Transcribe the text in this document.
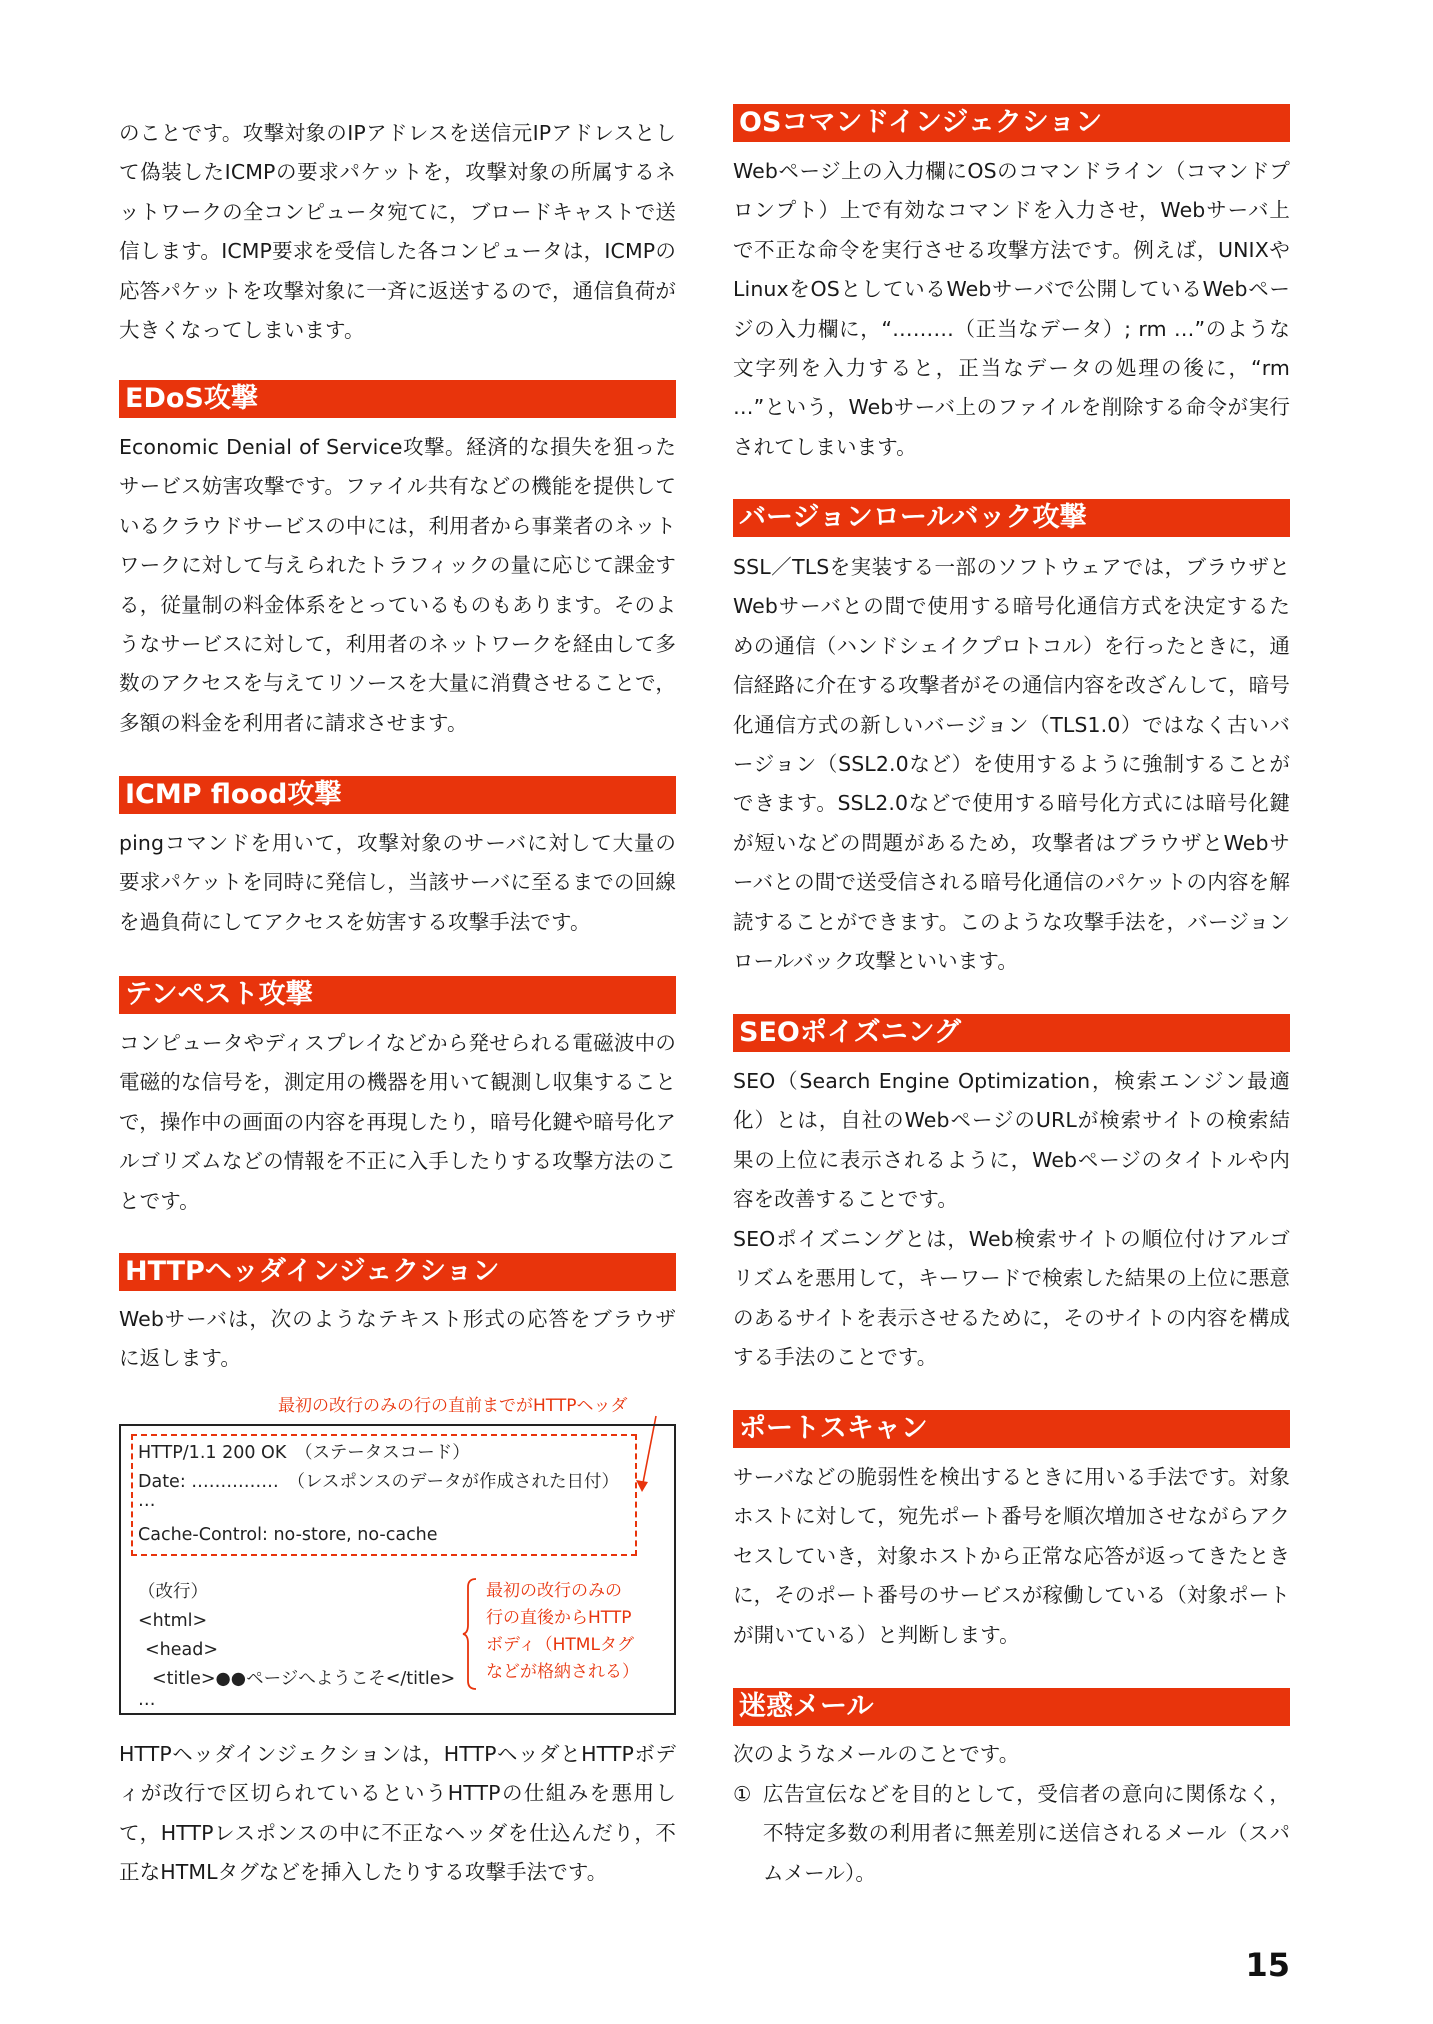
のことです。攻撃対象のIPアドレスを送信元IPアドレスとして偽装したICMPの要求パケットを，攻撃対象の所属するネットワークの全コンピュータ宛てに，ブロードキャストで送信します。ICMP要求を受信した各コンピュータは，ICMPの応答パケットを攻撃対象に一斉に返送するので，通信負荷が大きくなってしまいます。

EDoS攻撃

Economic Denial of Service攻撃。経済的な損失を狙ったサービス妨害攻撃です。ファイル共有などの機能を提供しているクラウドサービスの中には，利用者から事業者のネットワークに対して与えられたトラフィックの量に応じて課金する，従量制の料金体系をとっているものもあります。そのようなサービスに対して，利用者のネットワークを経由して多数のアクセスを与えてリソースを大量に消費させることで，多額の料金を利用者に請求させます。

ICMP flood攻撃

pingコマンドを用いて，攻撃対象のサーバに対して大量の要求パケットを同時に発信し，当該サーバに至るまでの回線を過負荷にしてアクセスを妨害する攻撃手法です。

テンペスト攻撃

コンピュータやディスプレイなどから発せられる電磁波中の電磁的な信号を，測定用の機器を用いて観測し収集することで，操作中の画面の内容を再現したり，暗号化鍵や暗号化アルゴリズムなどの情報を不正に入手したりする攻撃方法のことです。

HTTPヘッダインジェクション

Webサーバは，次のようなテキスト形式の応答をブラウザに返します。

HTTPヘッダインジェクションは，HTTPヘッダとHTTPボディが改行で区切られているというHTTPの仕組みを悪用して，HTTPレスポンスの中に不正なヘッダを仕込んだり，不正なHTMLタグなどを挿入したりする攻撃手法です。

最初の改行のみの行の直前までがHTTPヘッダ
HTTP/1.1 200 OK　（ステータスコード）
Date: ……………　（レスポンスのデータが作成された日付）
…
Cache-Control: no-store, no-cache
（改行）
<html>
<head>
<title>●●ページへようこそ</title>
…
最初の改行のみの
行の直後からHTTP
ボディ（HTMLタグ
などが格納される）
OSコマンドインジェクション

Webページ上の入力欄にOSのコマンドライン（コマンドプロンプト）上で有効なコマンドを入力させ，Webサーバ上で不正な命令を実行させる攻撃方法です。例えば，UNIXやLinuxをOSとしているWebサーバで公開しているWebページの入力欄に，“………（正当なデータ）; rm …”のような文字列を入力すると，正当なデータの処理の後に，“rm …”という，Webサーバ上のファイルを削除する命令が実行されてしまいます。

バージョンロールバック攻撃

SSL／TLSを実装する一部のソフトウェアでは，ブラウザとWebサーバとの間で使用する暗号化通信方式を決定するための通信（ハンドシェイクプロトコル）を行ったときに，通信経路に介在する攻撃者がその通信内容を改ざんして，暗号化通信方式の新しいバージョン（TLS1.0）ではなく古いバージョン（SSL2.0など）を使用するように強制することができます。SSL2.0などで使用する暗号化方式には暗号化鍵が短いなどの問題があるため，攻撃者はブラウザとWebサーバとの間で送受信される暗号化通信のパケットの内容を解読することができます。このような攻撃手法を，バージョンロールバック攻撃といいます。

SEOポイズニング

SEO（Search Engine Optimization，検索エンジン最適化）とは，自社のWebページのURLが検索サイトの検索結果の上位に表示されるように，Webページのタイトルや内容を改善することです。

SEOポイズニングとは，Web検索サイトの順位付けアルゴリズムを悪用して，キーワードで検索した結果の上位に悪意のあるサイトを表示させるために，そのサイトの内容を構成する手法のことです。

ポートスキャン

サーバなどの脆弱性を検出するときに用いる手法です。対象ホストに対して，宛先ポート番号を順次増加させながらアクセスしていき，対象ホストから正常な応答が返ってきたときに，そのポート番号のサービスが稼働している（対象ポートが開いている）と判断します。

迷惑メール

次のようなメールのことです。

① 広告宣伝などを目的として，受信者の意向に関係なく，不特定多数の利用者に無差別に送信されるメール（スパムメール）。
15
